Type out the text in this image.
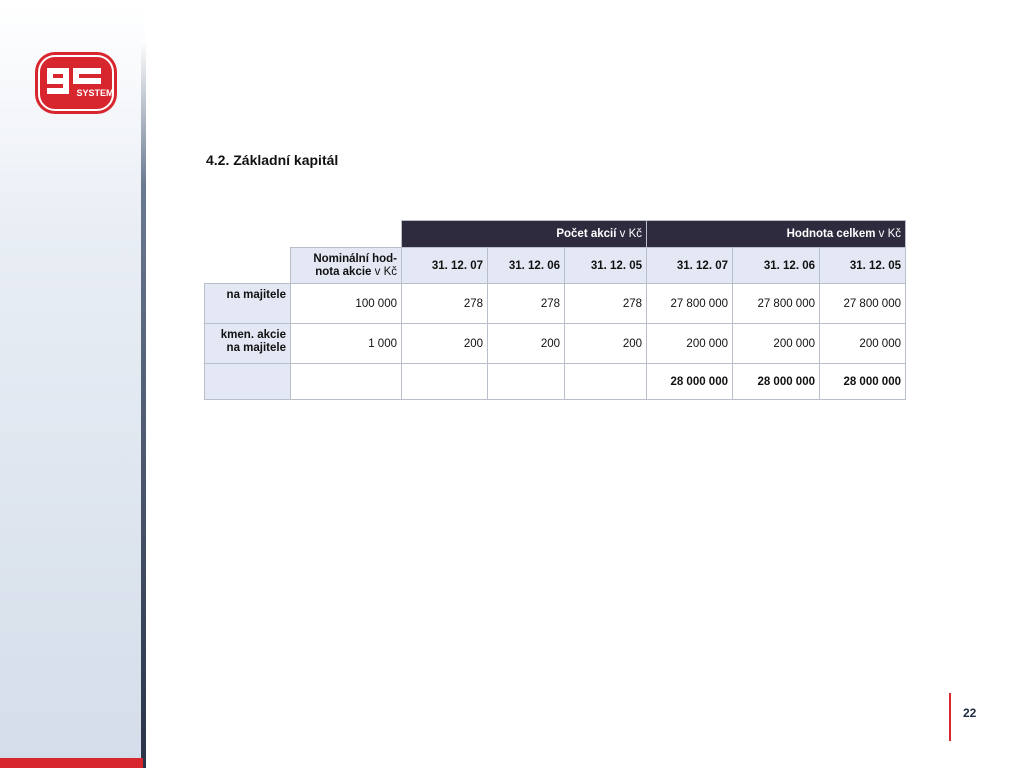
SYSTEM
4.2. Základní kapitál
		Počet akcií v Kč			Hodnota celkem v Kč		
	Nominální hod-
nota akcie v Kč	31. 12. 07	31. 12. 06	31. 12. 05	31. 12. 07	31. 12. 06	31. 12. 05
na majitele	100 000	278	278	278	27 800 000	27 800 000	27 800 000
kmen. akcie
na majitele	1 000	200	200	200	200 000	200 000	200 000
					28 000 000	28 000 000	28 000 000
22
